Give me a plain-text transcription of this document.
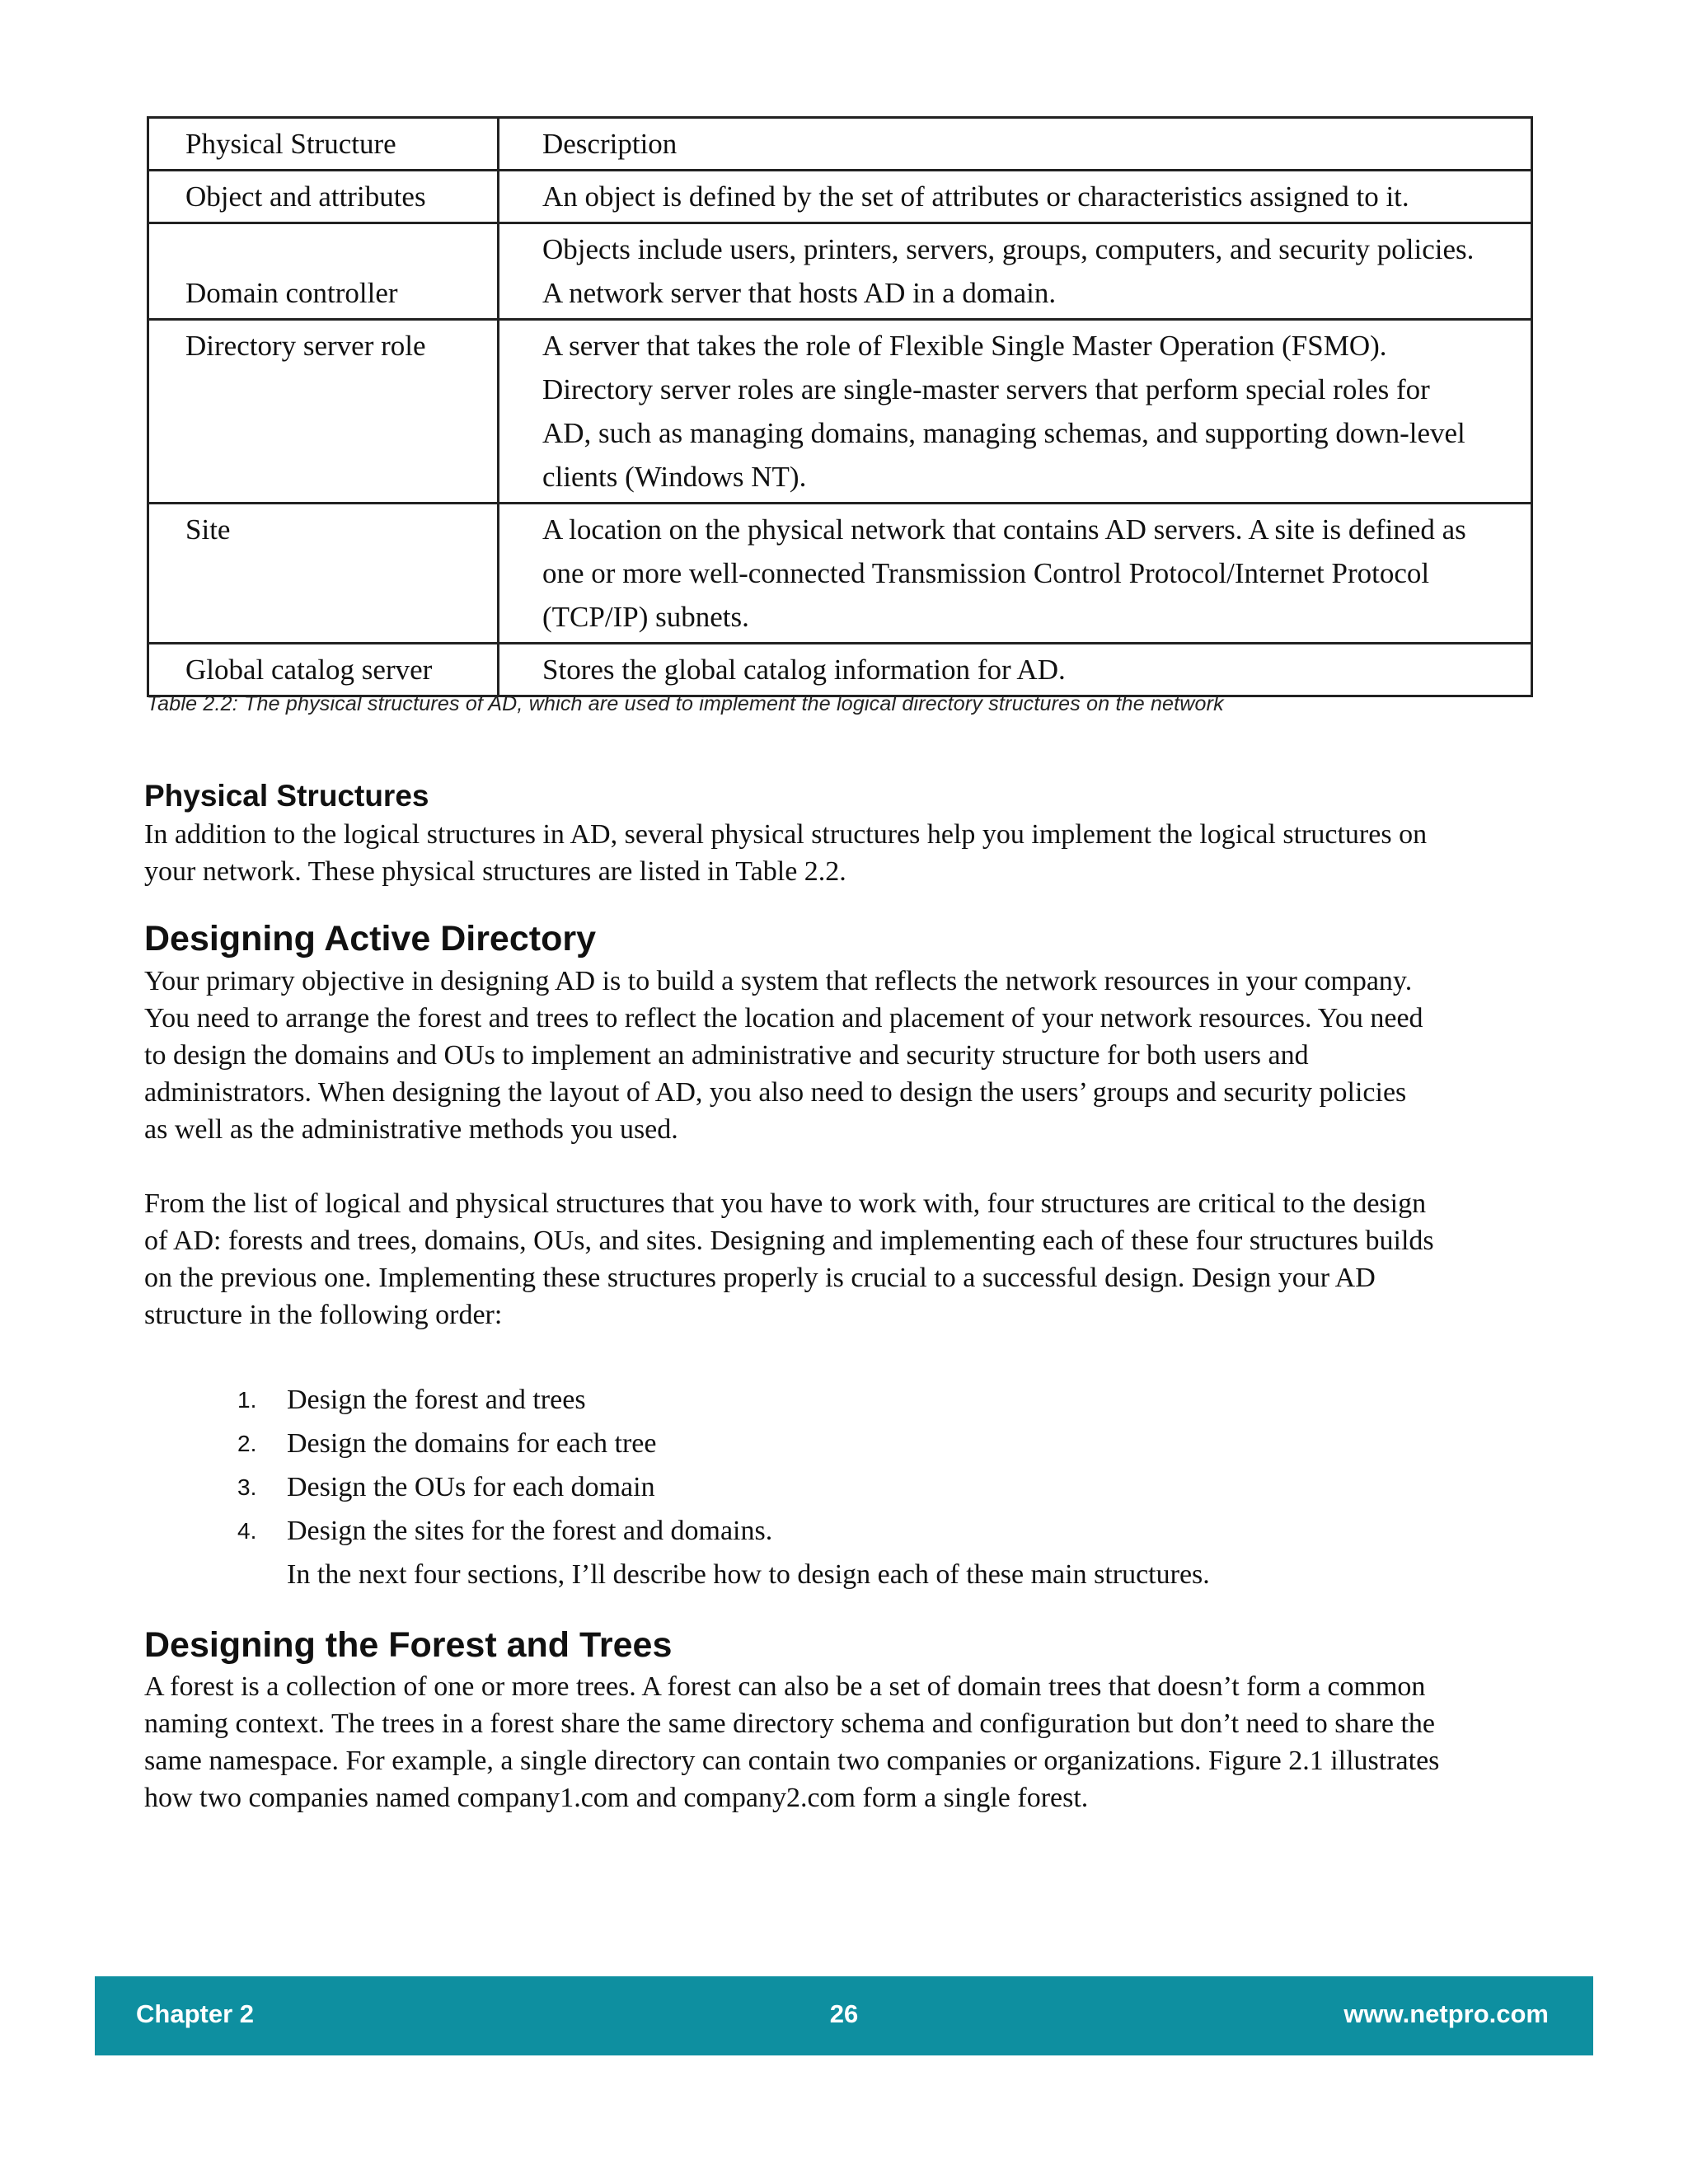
Physical Structure	Description
Object and attributes	An object is defined by the set of attributes or characteristics assigned to it.

Domain controller	Objects include users, printers, servers, groups, computers, and security policies.
A network server that hosts AD in a domain.

Directory server role	A server that takes the role of Flexible Single Master Operation (FSMO).
Directory server roles are single-master servers that perform special roles for
AD, such as managing domains, managing schemas, and supporting down-level
clients (Windows NT).

Site	A location on the physical network that contains AD servers. A site is defined as
one or more well-connected Transmission Control Protocol/Internet Protocol
(TCP/IP) subnets.

Global catalog server	Stores the global catalog information for AD.
Table 2.2: The physical structures of AD, which are used to implement the logical directory structures on the network
Physical Structures
In addition to the logical structures in AD, several physical structures help you implement the logical structures on
your network. These physical structures are listed in Table 2.2.
Designing Active Directory
Your primary objective in designing AD is to build a system that reflects the network resources in your company.
You need to arrange the forest and trees to reflect the location and placement of your network resources. You need
to design the domains and OUs to implement an administrative and security structure for both users and
administrators. When designing the layout of AD, you also need to design the users’ groups and security policies
as well as the administrative methods you used.
From the list of logical and physical structures that you have to work with, four structures are critical to the design
of AD: forests and trees, domains, OUs, and sites. Designing and implementing each of these four structures builds
on the previous one. Implementing these structures properly is crucial to a successful design. Design your AD
structure in the following order:
1. Design the forest and trees
2. Design the domains for each tree
3. Design the OUs for each domain
4. Design the sites for the forest and domains.
In the next four sections, I’ll describe how to design each of these main structures.
Designing the Forest and Trees
A forest is a collection of one or more trees. A forest can also be a set of domain trees that doesn’t form a common
naming context. The trees in a forest share the same directory schema and configuration but don’t need to share the
same namespace. For example, a single directory can contain two companies or organizations. Figure 2.1 illustrates
how two companies named company1.com and company2.com form a single forest.
Chapter 2	26	www.netpro.com
